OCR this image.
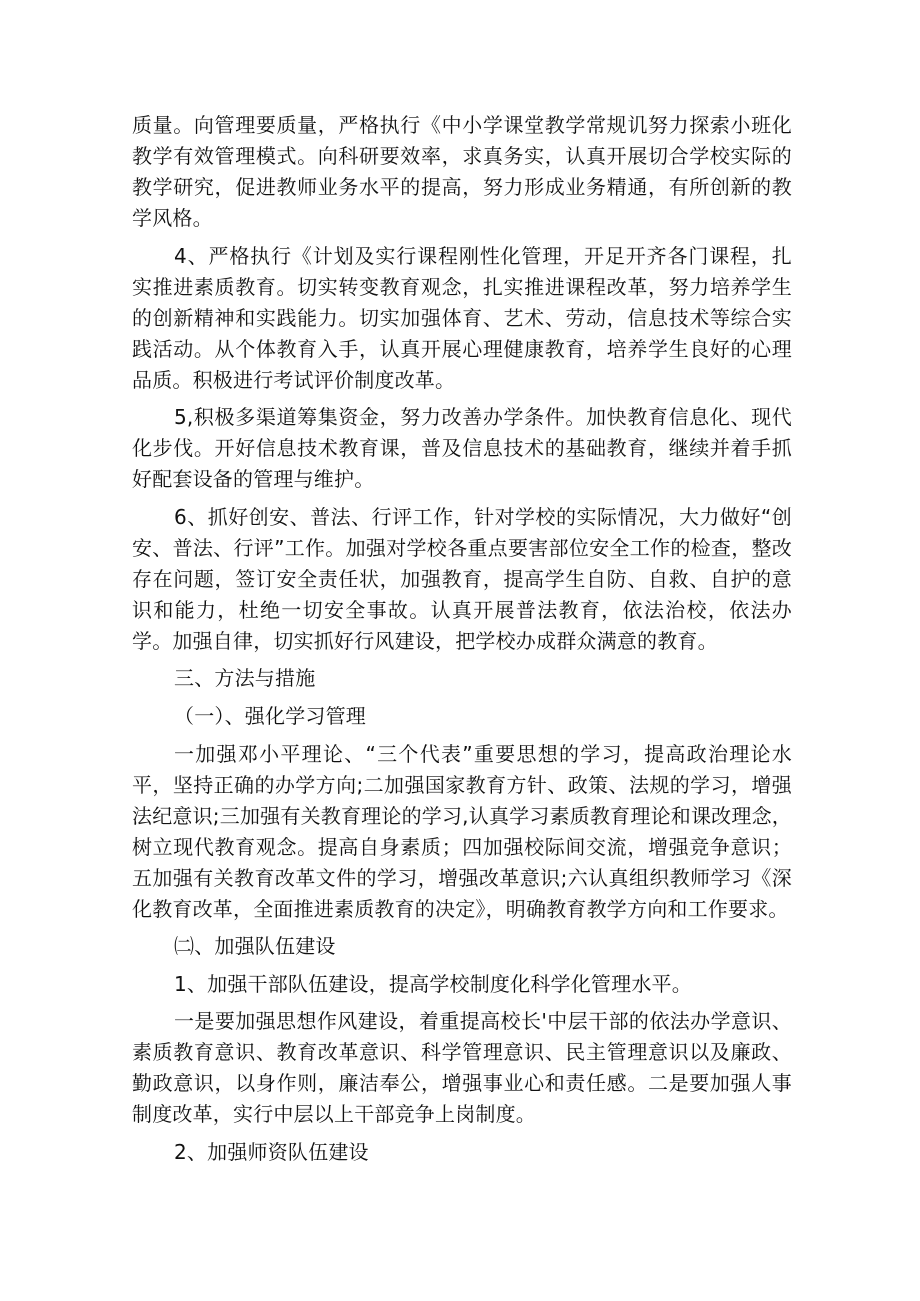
质量。向管理要质量，严格执行《中小学课堂教学常规讥努力探索小班化教学有效管理模式。向科研要效率，求真务实，认真开展切合学校实际的教学研究，促进教师业务水平的提高，努力形成业务精通，有所创新的教学风格。

4、严格执行《计划及实行课程刚性化管理，开足开齐各门课程，扎实推进素质教育。切实转变教育观念，扎实推进课程改革，努力培养学生的创新精神和实践能力。切实加强体育、艺术、劳动，信息技术等综合实践活动。从个体教育入手，认真开展心理健康教育，培养学生良好的心理品质。积极进行考试评价制度改革。

5,积极多渠道筹集资金，努力改善办学条件。加快教育信息化、现代化步伐。开好信息技术教育课，普及信息技术的基础教育，继续并着手抓好配套设备的管理与维护。

6、抓好创安、普法、行评工作，针对学校的实际情况，大力做好“创安、普法、行评”工作。加强对学校各重点要害部位安全工作的检查，整改存在问题，签订安全责任状，加强教育，提高学生自防、自救、自护的意识和能力，杜绝一切安全事故。认真开展普法教育，依法治校，依法办学。加强自律，切实抓好行风建设，把学校办成群众满意的教育。

三、方法与措施

（一）、强化学习管理

一加强邓小平理论、“三个代表”重要思想的学习，提高政治理论水平，坚持正确的办学方向;二加强国家教育方针、政策、法规的学习，增强法纪意识;三加强有关教育理论的学习,认真学习素质教育理论和课改理念，树立现代教育观念。提高自身素质；四加强校际间交流，增强竞争意识；五加强有关教育改革文件的学习，增强改革意识;六认真组织教师学习《深化教育改革，全面推进素质教育的决定》，明确教育教学方向和工作要求。

㈡、加强队伍建设

1、加强干部队伍建设，提高学校制度化科学化管理水平。

一是要加强思想作风建设，着重提高校长'中层干部的依法办学意识、素质教育意识、教育改革意识、科学管理意识、民主管理意识以及廉政、勤政意识，以身作则，廉洁奉公，增强事业心和责任感。二是要加强人事制度改革，实行中层以上干部竞争上岗制度。

2、加强师资队伍建设
